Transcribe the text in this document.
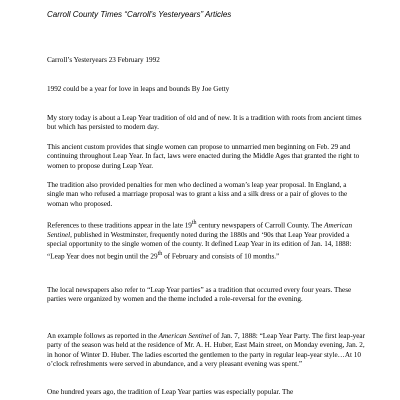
Carroll County Times “Carroll’s Yesteryears” Articles
Carroll’s Yesteryears 23 February 1992
1992 could be a year for love in leaps and bounds By Joe Getty
My story today is about a Leap Year tradition of old and of new. It is a tradition with roots from ancient times but which has persisted to modern day.
This ancient custom provides that single women can propose to unmarried men beginning on Feb. 29 and continuing throughout Leap Year. In fact, laws were enacted during the Middle Ages that granted the right to women to propose during Leap Year.
The tradition also provided penalties for men who declined a woman’s leap year proposal. In England, a single man who refused a marriage proposal was to grant a kiss and a silk dress or a pair of gloves to the woman who proposed.
References to these traditions appear in the late 19th century newspapers of Carroll County. The American Sentinel, published in Westminster, frequently noted during the 1880s and ‘90s that Leap Year provided a special opportunity to the single women of the county. It defined Leap Year in its edition of Jan. 14, 1888: “Leap Year does not begin until the 29th of February and consists of 10 months.”
The local newspapers also refer to “Leap Year parties” as a tradition that occurred every four years. These parties were organized by women and the theme included a role-reversal for the evening.
An example follows as reported in the American Sentinel of Jan. 7, 1888: “Leap Year Party. The first leap-year party of the season was held at the residence of Mr. A. H. Huber, East Main street, on Monday evening, Jan. 2, in honor of Winter D. Huber. The ladies escorted the gentlemen to the party in regular leap-year style…At 10 o’clock refreshments were served in abundance, and a very pleasant evening was spent.”
One hundred years ago, the tradition of Leap Year parties was especially popular. The
